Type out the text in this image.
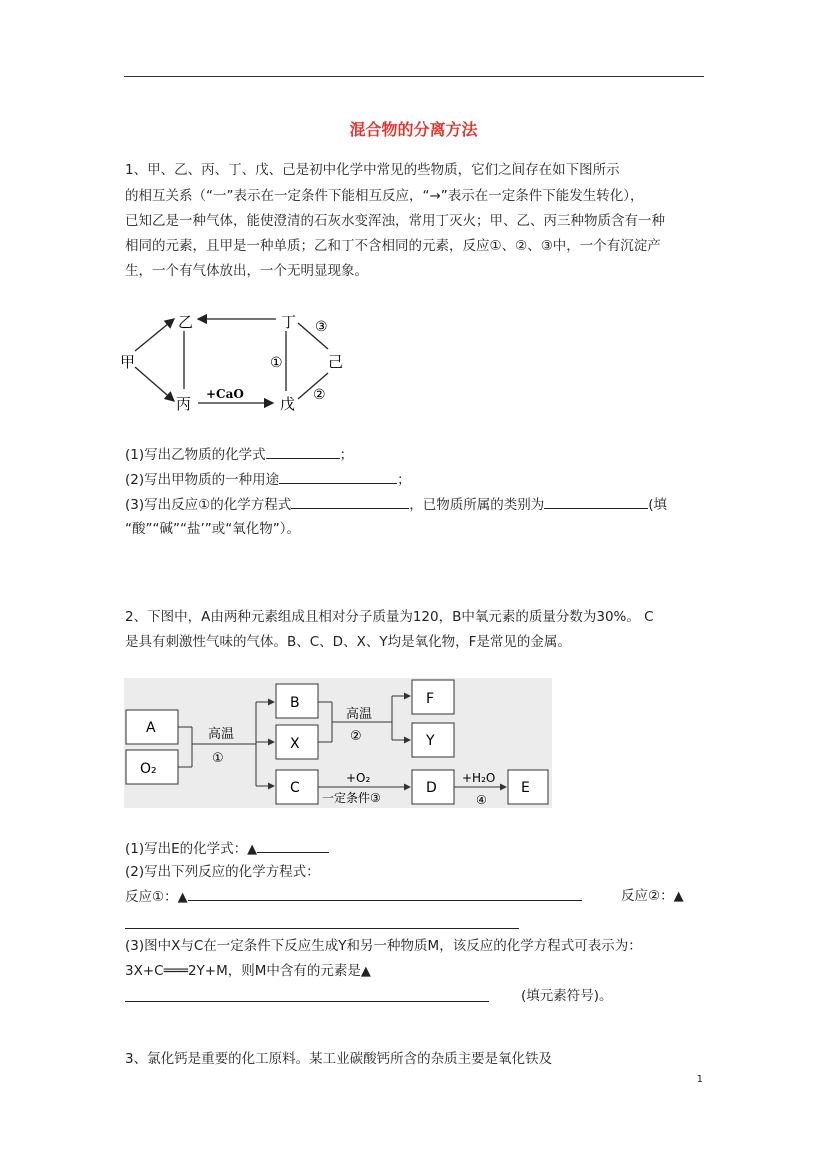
混合物的分离方法
1、甲、乙、丙、丁、戊、己是初中化学中常见的些物质，它们之间存在如下图所示
的相互关系（“一”表示在一定条件下能相互反应，“→”表示在一定条件下能发生转化），
已知乙是一种气体，能使澄清的石灰水变浑浊，常用丁灭火；甲、乙、丙三种物质含有一种
相同的元素，且甲是一种单质；乙和丁不含相同的元素，反应①、②、③中，一个有沉淀产
生，一个有气体放出，一个无明显现象。
乙	丁 ③
甲	①	己
丙
+CaO
戊 ②
(1)写出乙物质的化学式	；
(2)写出甲物质的一种用途	；
(3)写出反应①的化学方程式	，已物质所属的类别为	(填
“酸”“碱”“盐’”或“氧化物”）。
2、下图中，A由两种元素组成且相对分子质量为120，B中氧元素的质量分数为30%。 C
是具有刺激性气味的气体。B、C、D、X、Y均是氧化物，F是常见的金属。
A
O₂
B
X
C
F
Y
D	E
高温
①
高温
②
+O₂
一定条件③
+H₂O
④
(1)写出E的化学式：▲
(2)写出下列反应的化学方程式：
反应①：▲	反应②：▲
(3)图中X与C在一定条件下反应生成Y和另一种物质M，该反应的化学方程式可表示为：
3X+C═══2Y+M，则M中含有的元素是▲
(填元素符号)。
3、氯化钙是重要的化工原料。某工业碳酸钙所含的杂质主要是氧化铁及
1
